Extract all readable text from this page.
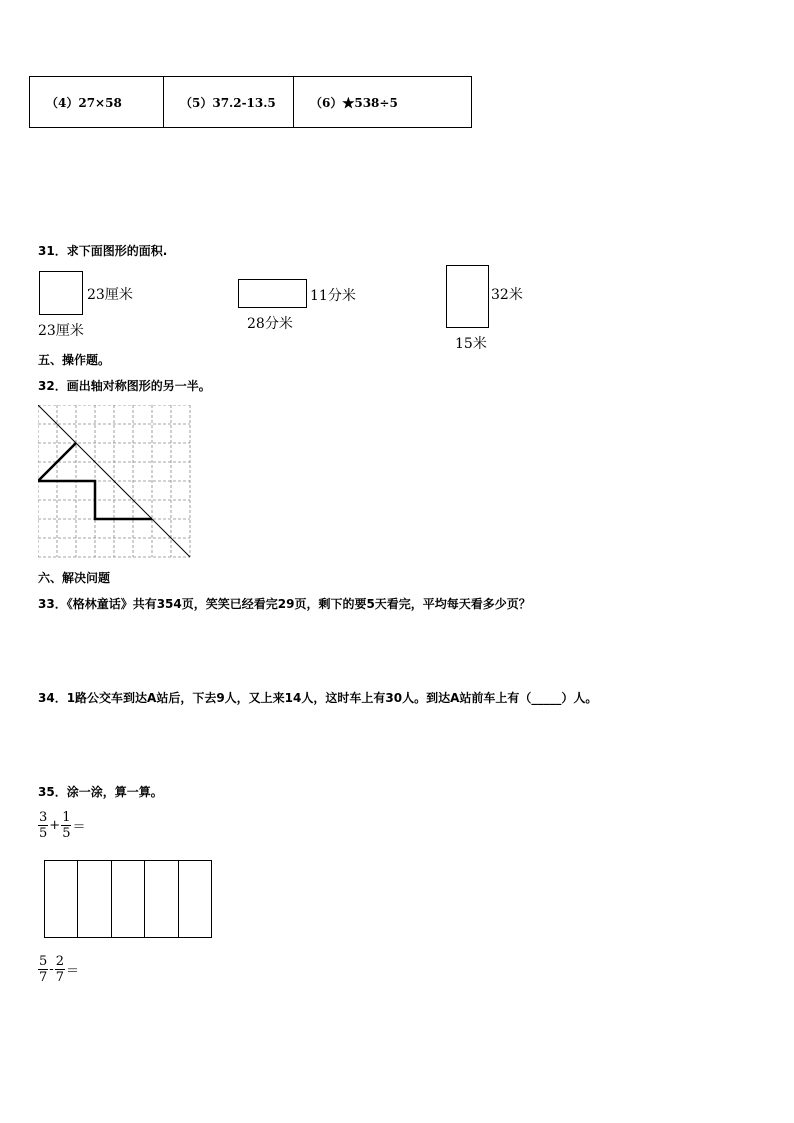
（4）27×58	（5）37.2-13.5	（6）★538÷5
31．求下面图形的面积.
23厘米
23厘米
11分米
28分米
32米
15米
五、操作题。
32．画出轴对称图形的另一半。
六、解决问题
33．《格林童话》共有354页，笑笑已经看完29页，剩下的要5天看完，平均每天看多少页？
34．1路公交车到达A站后，下去9人，又上来14人，这时车上有30人。到达A站前车上有（_____）人。
35．涂一涂，算一算。
$\frac{3}{5} + \frac{1}{5}$ ＝
$\frac{5}{7} - \frac{2}{7}$ ＝
